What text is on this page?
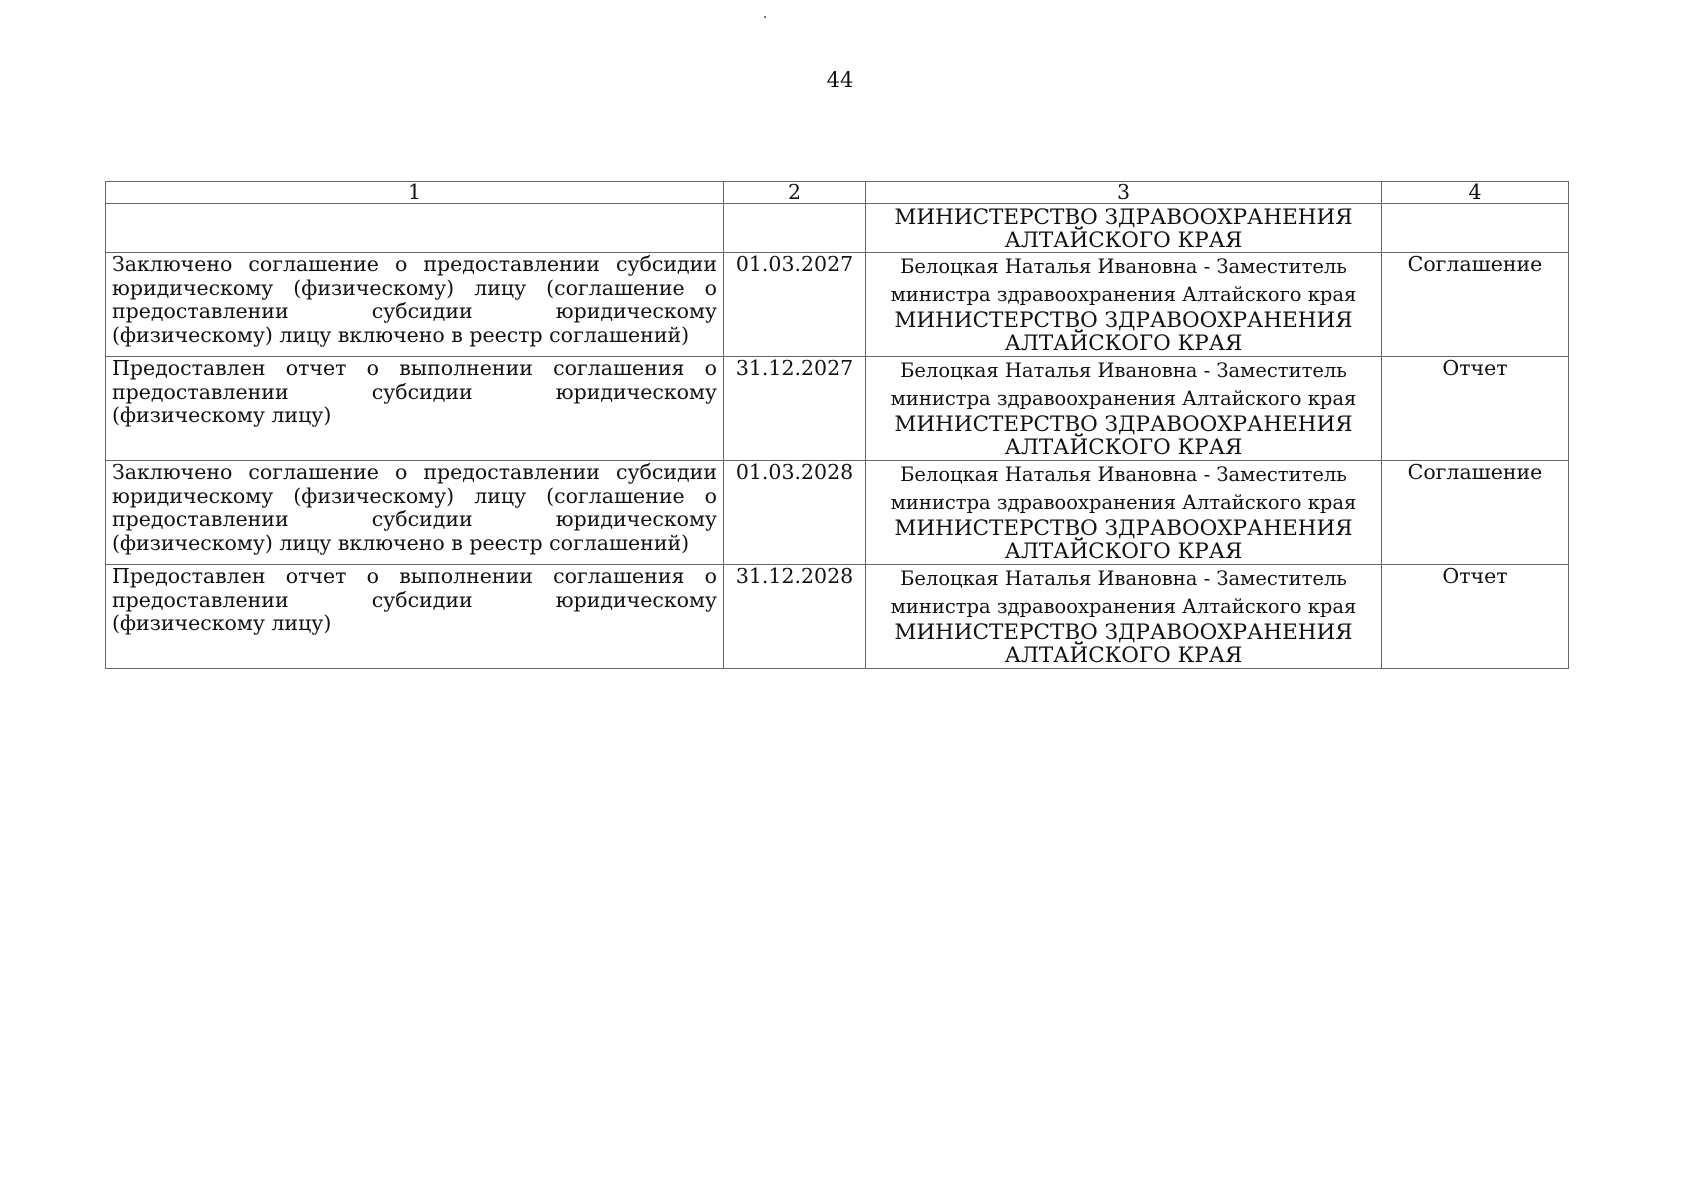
44
1	2	3	4

		МИНИСТЕРСТВО ЗДРАВООХРАНЕНИЯ АЛТАЙСКОГО КРАЯ	

Заключено соглашение о предоставлении субсидии юридическому (физическому) лицу (соглашение о предоставлении субсидии юридическому (физическому) лицу включено в реестр соглашений)	01.03.2027	Белоцкая Наталья Ивановна - Заместитель министра здравоохранения Алтайского края
МИНИСТЕРСТВО ЗДРАВООХРАНЕНИЯ АЛТАЙСКОГО КРАЯ	Соглашение
Предоставлен отчет о выполнении соглашения о предоставлении субсидии юридическому (физическому лицу)	31.12.2027	Белоцкая Наталья Ивановна - Заместитель министра здравоохранения Алтайского края
МИНИСТЕРСТВО ЗДРАВООХРАНЕНИЯ АЛТАЙСКОГО КРАЯ	Отчет
Заключено соглашение о предоставлении субсидии юридическому (физическому) лицу (соглашение о предоставлении субсидии юридическому (физическому) лицу включено в реестр соглашений)	01.03.2028	Белоцкая Наталья Ивановна - Заместитель министра здравоохранения Алтайского края
МИНИСТЕРСТВО ЗДРАВООХРАНЕНИЯ АЛТАЙСКОГО КРАЯ	Соглашение
Предоставлен отчет о выполнении соглашения о предоставлении субсидии юридическому (физическому лицу)	31.12.2028	Белоцкая Наталья Ивановна - Заместитель министра здравоохранения Алтайского края
МИНИСТЕРСТВО ЗДРАВООХРАНЕНИЯ АЛТАЙСКОГО КРАЯ	Отчет
